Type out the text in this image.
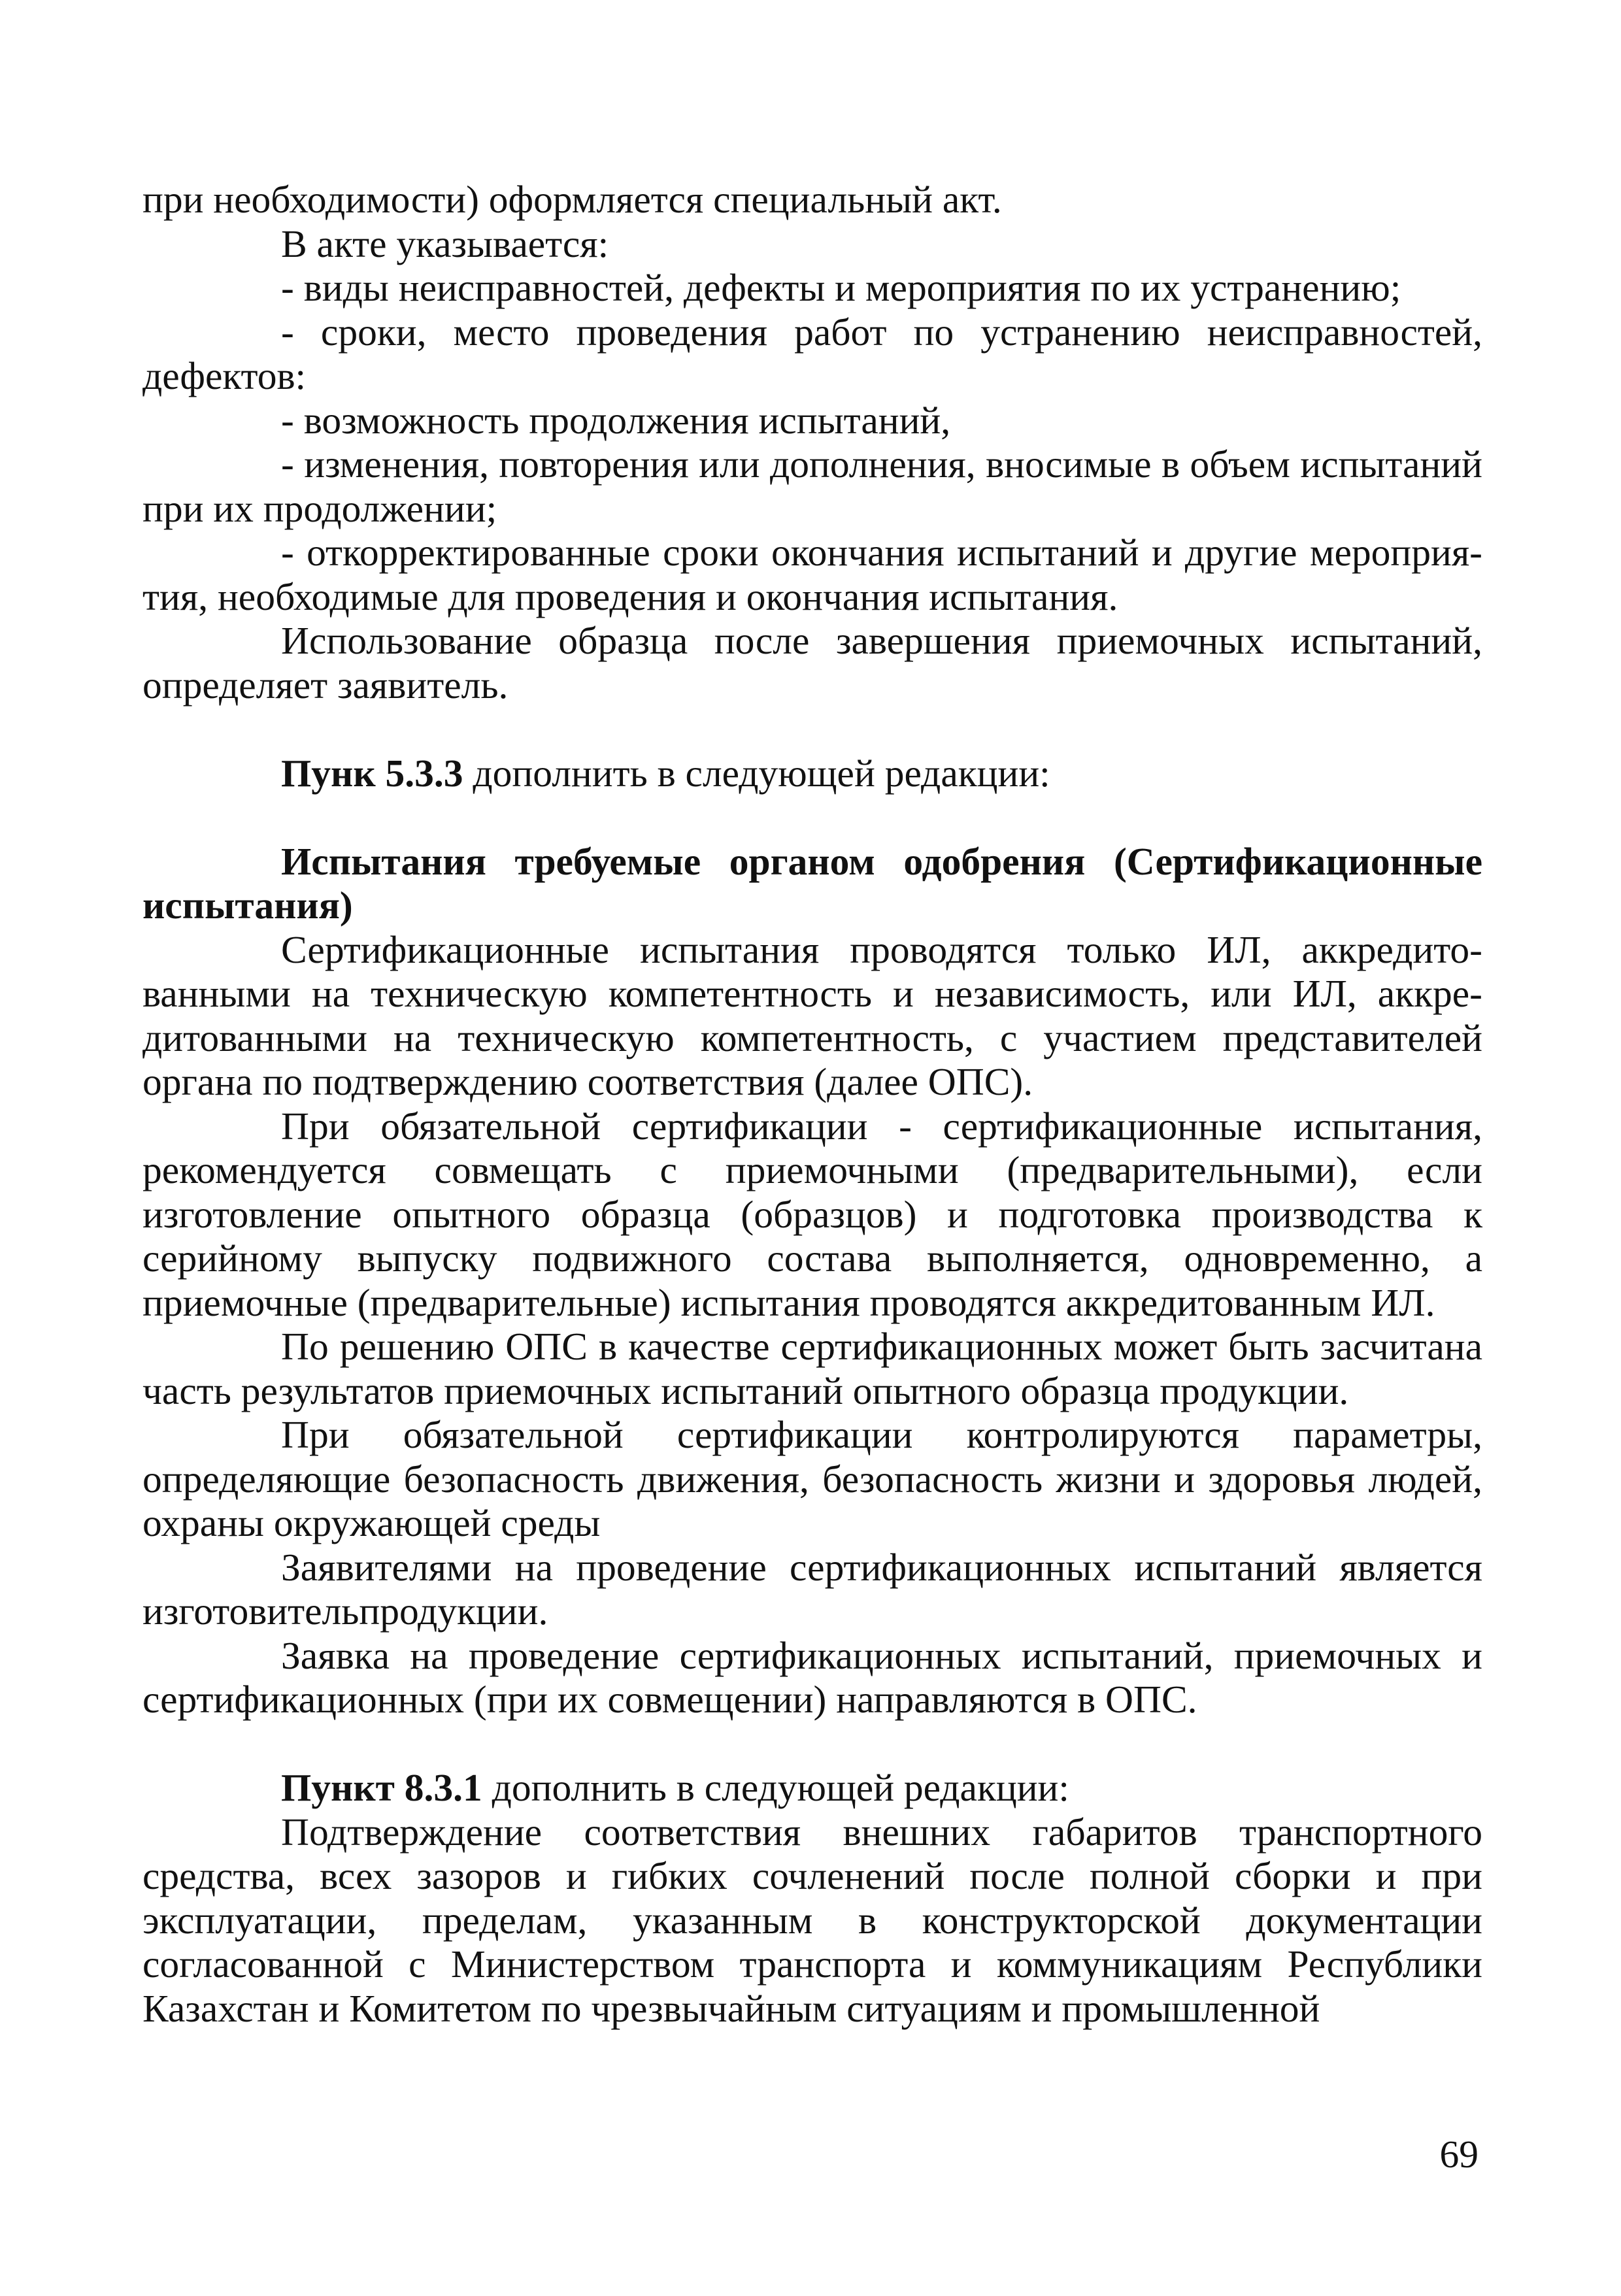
при необходимости) оформляется специальный акт.

В акте указывается:

- виды неисправностей, дефекты и мероприятия по их устранению;

- сроки, место проведения работ по устранению неисправностей, дефектов:

- возможность продолжения испытаний,

- изменения, повторения или дополнения, вносимые в объем испытаний при их продолжении;

- откорректированные сроки окончания испытаний и другие мероприя-тия, необходимые для проведения и окончания испытания.

Использование образца после завершения приемочных испытаний, определяет заявитель.

Пунк 5.3.3 дополнить в следующей редакции:

Испытания требуемые органом одобрения (Сертификационные испытания)

Сертификационные испытания проводятся только ИЛ, аккредито-ванными на техническую компетентность и независимость, или ИЛ, аккре-дитованными на техническую компетентность, с участием представителей органа по подтверждению соответствия (далее ОПС).

При обязательной сертификации - сертификационные испытания, рекомендуется совмещать с приемочными (предварительными), если изготовление опытного образца (образцов) и подготовка производства к серийному выпуску подвижного состава выполняется, одновременно, а приемочные (предварительные) испытания проводятся аккредитованным ИЛ.

По решению ОПС в качестве сертификационных может быть засчитана часть результатов приемочных испытаний опытного образца продукции.

При обязательной сертификации контролируются параметры, определяющие безопасность движения, безопасность жизни и здоровья людей, охраны окружающей среды

Заявителями на проведение сертификационных испытаний является изготовительпродукции.

Заявка на проведение сертификационных испытаний, приемочных и сертификационных (при их совмещении) направляются в ОПС.

Пункт 8.3.1 дополнить в следующей редакции:

Подтверждение соответствия внешних габаритов транспортного средства, всех зазоров и гибких сочленений после полной сборки и при эксплуатации, пределам, указанным в конструкторской документации согласованной с Министерством транспорта и коммуникациям Республики Казахстан и Комитетом по чрезвычайным ситуациям и промышленной

69
